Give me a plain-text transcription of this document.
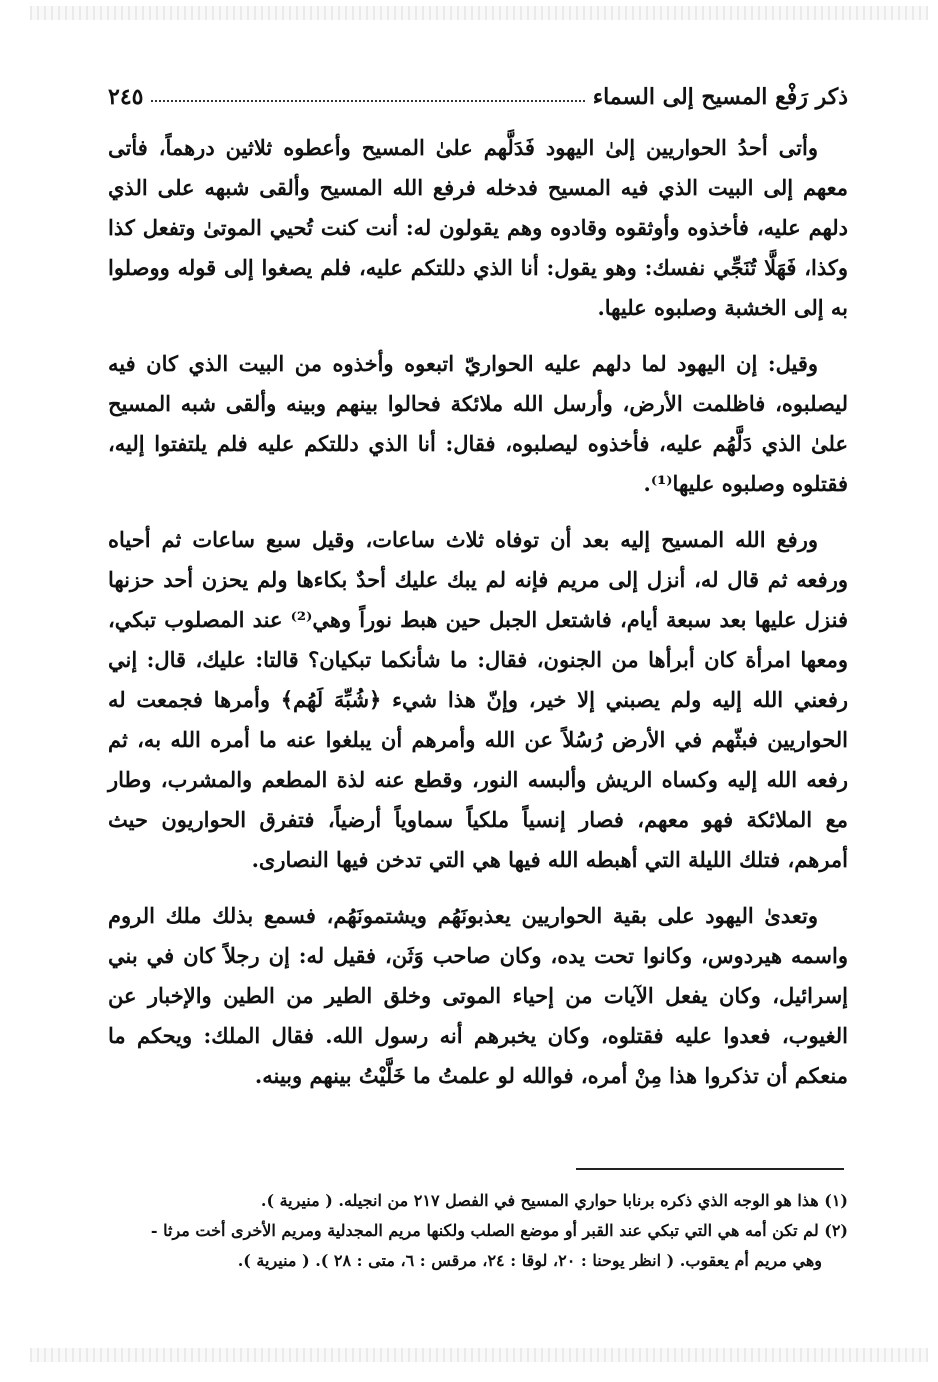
ذكر رَفْع المسيح إلى السماء
٢٤٥

وأتى أحدُ الحواريين إلىٰ اليهود فَدَلَّهم علىٰ المسيح وأعطوه ثلاثين درهماً، فأتى معهم إلى البيت الذي فيه المسيح فدخله فرفع الله المسيح وألقى شبهه على الذي دلهم عليه، فأخذوه وأوثقوه وقادوه وهم يقولون له: أنت كنت تُحيي الموتىٰ وتفعل كذا وكذا، فَهَلَّا تُنَجِّي نفسك: وهو يقول: أنا الذي دللتكم عليه، فلم يصغوا إلى قوله ووصلوا به إلى الخشبة وصلبوه عليها.

وقيل: إن اليهود لما دلهم عليه الحواريّ اتبعوه وأخذوه من البيت الذي كان فيه ليصلبوه، فاظلمت الأرض، وأرسل الله ملائكة فحالوا بينهم وبينه وألقى شبه المسيح علىٰ الذي دَلَّهُم عليه، فأخذوه ليصلبوه، فقال: أنا الذي دللتكم عليه فلم يلتفتوا إليه، فقتلوه وصلبوه عليها⁽¹⁾.

ورفع الله المسيح إليه بعد أن توفاه ثلاث ساعات، وقيل سبع ساعات ثم أحياه ورفعه ثم قال له، أنزل إلى مريم فإنه لم يبك عليك أحدٌ بكاءها ولم يحزن أحد حزنها فنزل عليها بعد سبعة أيام، فاشتعل الجبل حين هبط نوراً وهي⁽²⁾ عند المصلوب تبكي، ومعها امرأة كان أبرأها من الجنون، فقال: ما شأنكما تبكيان؟ قالتا: عليك، قال: إني رفعني الله إليه ولم يصبني إلا خير، وإنّ هذا شيء ﴿شُبِّهَ لَهُم﴾ وأمرها فجمعت له الحواريين فبثّهم في الأرض رُسُلاً عن الله وأمرهم أن يبلغوا عنه ما أمره الله به، ثم رفعه الله إليه وكساه الريش وألبسه النور، وقطع عنه لذة المطعم والمشرب، وطار مع الملائكة فهو معهم، فصار إنسياً ملكياً سماوياً أرضياً، فتفرق الحواريون حيث أمرهم، فتلك الليلة التي أهبطه الله فيها هي التي تدخن فيها النصارى.

وتعدىٰ اليهود على بقية الحواريين يعذبونَهُم ويشتمونَهُم، فسمع بذلك ملك الروم واسمه هيردوس، وكانوا تحت يده، وكان صاحب وَثَن، فقيل له: إن رجلاً كان في بني إسرائيل، وكان يفعل الآيات من إحياء الموتى وخلق الطير من الطين والإخبار عن الغيوب، فعدوا عليه فقتلوه، وكان يخبرهم أنه رسول الله. فقال الملك: ويحكم ما منعكم أن تذكروا هذا مِنْ أمره، فوالله لو علمتُ ما خَلَّيْتُ بينهم وبينه.

(١) هذا هو الوجه الذي ذكره برنابا حواري المسيح في الفصل ٢١٧ من انجيله. ( منيرية ).

(٢) لم تكن أمه هي التي تبكي عند القبر أو موضع الصلب ولكنها مريم المجدلية ومريم الأخرى أخت مرثا -

وهي مريم أم يعقوب. ( انظر يوحنا : ٢٠، لوقا : ٢٤، مرقس : ٦، متى : ٢٨ ). ( منيرية ).
